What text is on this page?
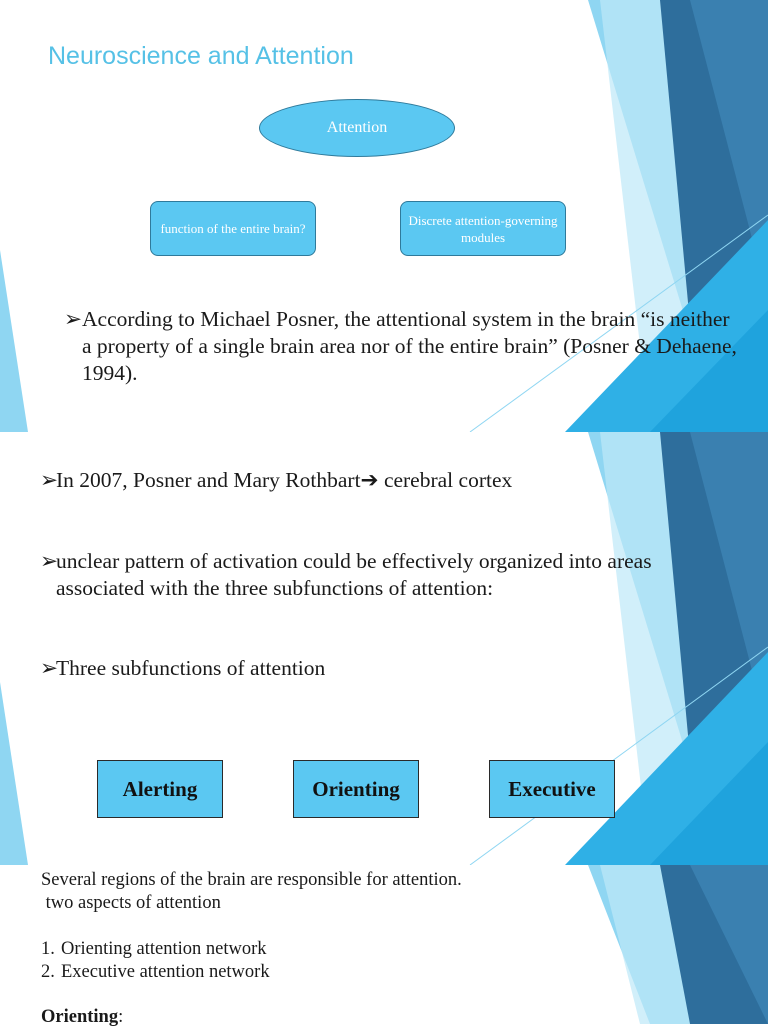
Neuroscience and Attention
Attention
function of the entire brain?
Discrete attention-governing modules

➢ According to Michael Posner, the attentional system in the brain “is neither a property of a single brain area nor of the entire brain” (Posner & Dehaene, 1994).

➢
In 2007, Posner and Mary Rothbart➔ cerebral cortex

➢
unclear pattern of activation could be effectively organized into areas associated with the three subfunctions of attention:

➢
Three subfunctions of attention

Alerting	Orienting	Executive

Several regions of the brain are responsible for attention.

two aspects of attention

1. Orienting attention network

2. Executive attention network

Orienting:
